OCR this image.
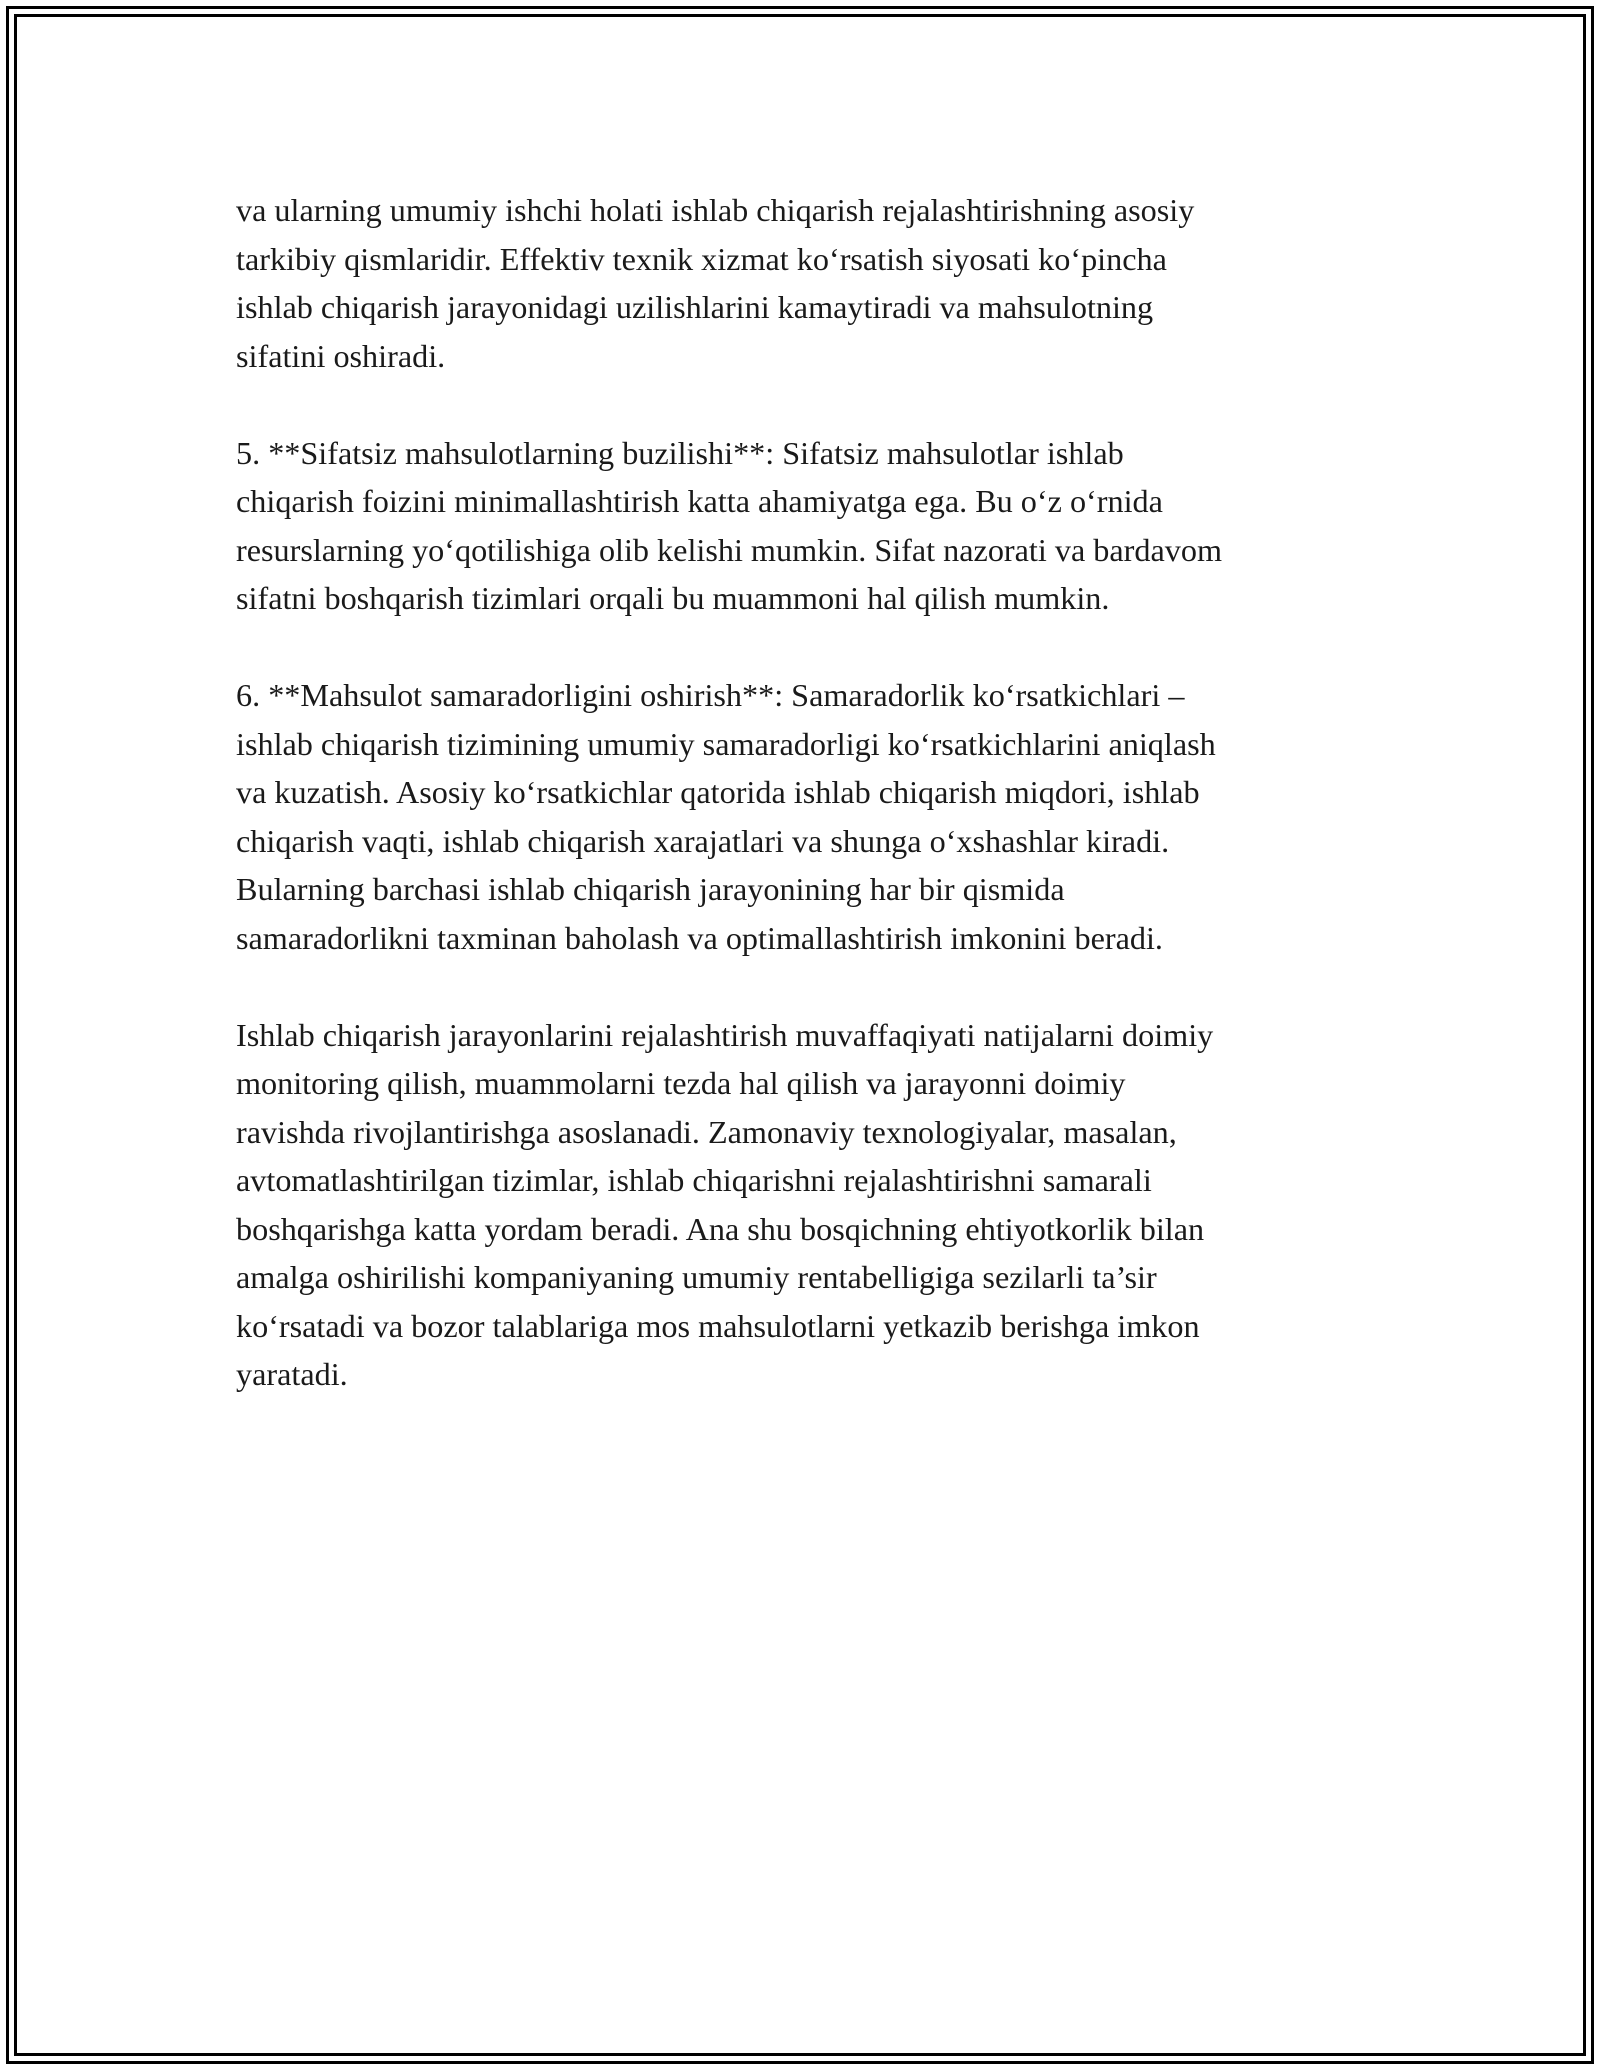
va ularning umumiy ishchi holati ishlab chiqarish rejalashtirishning asosiy
tarkibiy qismlaridir. Effektiv texnik xizmat koʻrsatish siyosati koʻpincha
ishlab chiqarish jarayonidagi uzilishlarini kamaytiradi va mahsulotning
sifatini oshiradi.

5. **Sifatsiz mahsulotlarning buzilishi**: Sifatsiz mahsulotlar ishlab
chiqarish foizini minimallashtirish katta ahamiyatga ega. Bu oʻz oʻrnida
resurslarning yoʻqotilishiga olib kelishi mumkin. Sifat nazorati va bardavom
sifatni boshqarish tizimlari orqali bu muammoni hal qilish mumkin.

6. **Mahsulot samaradorligini oshirish**: Samaradorlik koʻrsatkichlari –
ishlab chiqarish tizimining umumiy samaradorligi koʻrsatkichlarini aniqlash
va kuzatish. Asosiy koʻrsatkichlar qatorida ishlab chiqarish miqdori, ishlab
chiqarish vaqti, ishlab chiqarish xarajatlari va shunga oʻxshashlar kiradi.
Bularning barchasi ishlab chiqarish jarayonining har bir qismida
samaradorlikni taxminan baholash va optimallashtirish imkonini beradi.

Ishlab chiqarish jarayonlarini rejalashtirish muvaffaqiyati natijalarni doimiy
monitoring qilish, muammolarni tezda hal qilish va jarayonni doimiy
ravishda rivojlantirishga asoslanadi. Zamonaviy texnologiyalar, masalan,
avtomatlashtirilgan tizimlar, ishlab chiqarishni rejalashtirishni samarali
boshqarishga katta yordam beradi. Ana shu bosqichning ehtiyotkorlik bilan
amalga oshirilishi kompaniyaning umumiy rentabelligiga sezilarli ta’sir
koʻrsatadi va bozor talablariga mos mahsulotlarni yetkazib berishga imkon
yaratadi.
